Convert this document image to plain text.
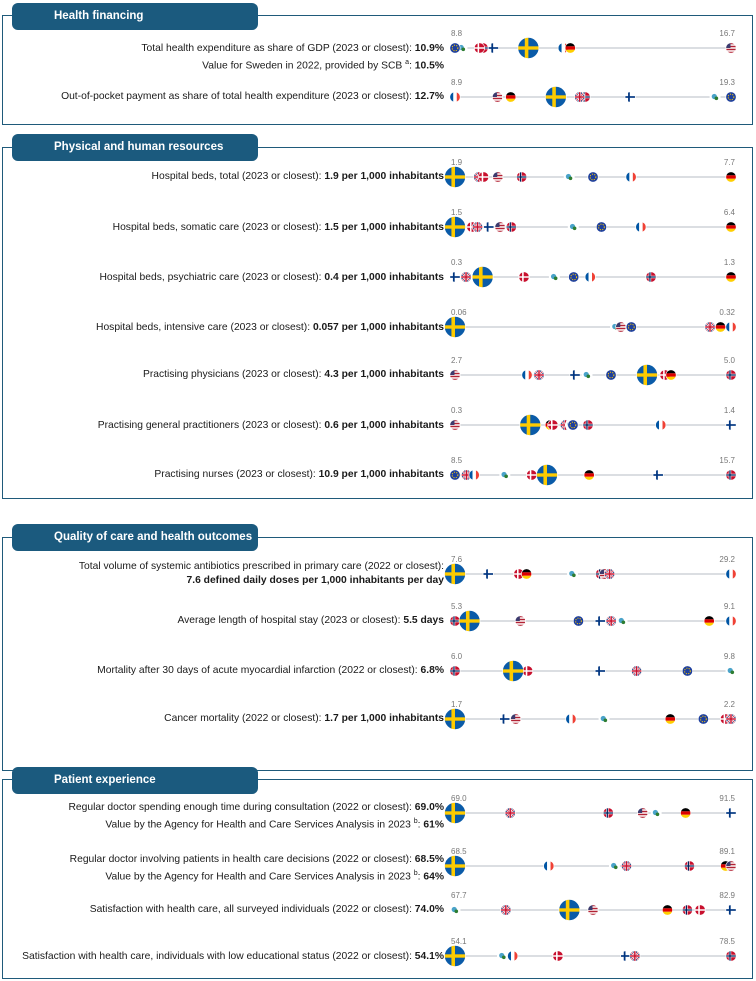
Health financing
Physical and human resources
Quality of care and health outcomes
Patient experience
Total health expenditure as share of GDP (2023 or closest): 10.9%
Value for Sweden in 2022, provided by SCB $^a$: 10.5%
Out-of-pocket payment as share of total health expenditure (2023 or closest): 12.7%
Hospital beds, total (2023 or closest): 1.9 per 1,000 inhabitants
Hospital beds, somatic care (2023 or closest): 1.5 per 1,000 inhabitants
Hospital beds, psychiatric care (2023 or closest): 0.4 per 1,000 inhabitants
Hospital beds, intensive care (2023 or closest): 0.057 per 1,000 inhabitants
Practising physicians (2023 or closest): 4.3 per 1,000 inhabitants
Practising general practitioners (2023 or closest): 0.6 per 1,000 inhabitants
Practising nurses (2023 or closest): 10.9 per 1,000 inhabitants
Total volume of systemic antibiotics prescribed in primary care (2022 or closest):
7.6 defined daily doses per 1,000 inhabitants per day
Average length of hospital stay (2023 or closest): 5.5 days
Mortality after 30 days of acute myocardial infarction (2022 or closest): 6.8%
Cancer mortality (2022 or closest): 1.7 per 1,000 inhabitants
Regular doctor spending enough time during consultation (2022 or closest): 69.0%
Value by the Agency for Health and Care Services Analysis in 2023 $^b$: 61%
Regular doctor involving patients in health care decisions (2022 or closest): 68.5%
Value by the Agency for Health and Care Services Analysis in 2023 $^b$: 64%
Satisfaction with health care, all surveyed individuals (2022 or closest): 74.0%
Satisfaction with health care, individuals with low educational status (2022 or closest): 54.1%
8.8	16.7
8.9	19.3
1.9	7.7
1.5	6.4
0.3	1.3
0.06	0.32
2.7	5.0
0.3	1.4
8.5	15.7
7.6	29.2
5.3	9.1
6.0	9.8
1.7	2.2
69.0	91.5
68.5	89.1
67.7	82.9
54.1	78.5
